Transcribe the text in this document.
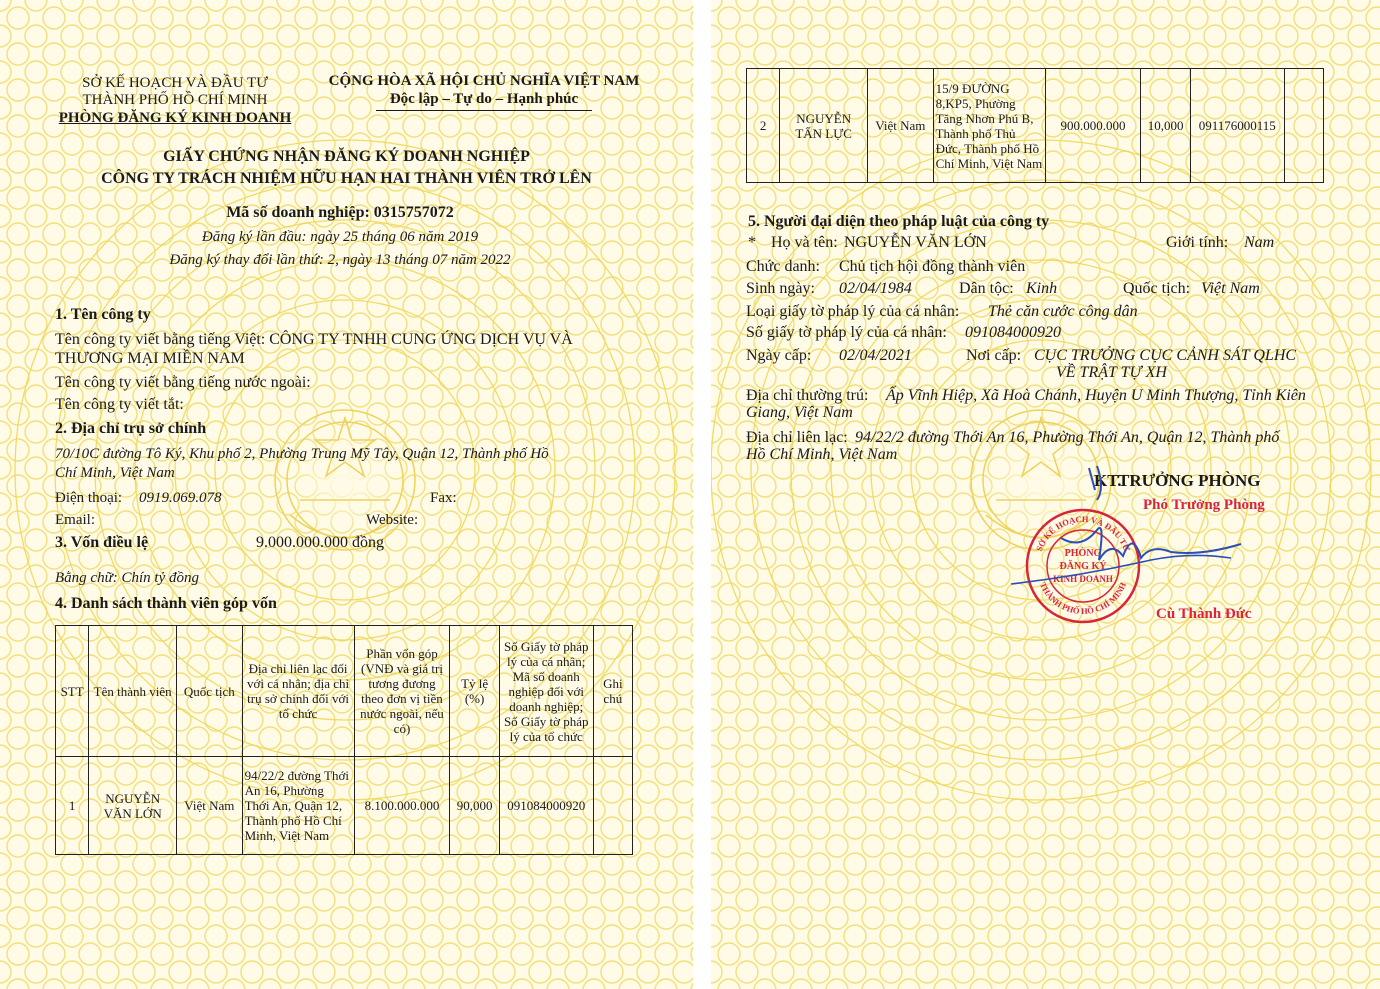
SỞ KẾ HOẠCH VÀ ĐẦU TƯ
THÀNH PHỐ HỒ CHÍ MINH
PHÒNG ĐĂNG KÝ KINH DOANH
CỘNG HÒA XÃ HỘI CHỦ NGHĨA VIỆT NAM
Độc lập – Tự do – Hạnh phúc
GIẤY CHỨNG NHẬN ĐĂNG KÝ DOANH NGHIỆP
CÔNG TY TRÁCH NHIỆM HỮU HẠN HAI THÀNH VIÊN TRỞ LÊN
Mã số doanh nghiệp: 0315757072
Đăng ký lần đầu: ngày 25 tháng 06 năm 2019
Đăng ký thay đổi lần thứ: 2, ngày 13 tháng 07 năm 2022
1. Tên công ty
Tên công ty viết bằng tiếng Việt: CÔNG TY TNHH CUNG ỨNG DỊCH VỤ VÀ
THƯƠNG MẠI MIỀN NAM
Tên công ty viết bằng tiếng nước ngoài:
Tên công ty viết tắt:
2. Địa chỉ trụ sở chính
70/10C đường Tô Ký, Khu phố 2, Phường Trung Mỹ Tây, Quận 12, Thành phố Hồ
Chí Minh, Việt Nam
Điện thoại: 0919.069.078	Fax:
Email:	Website:
3. Vốn điều lệ	9.000.000.000 đồng
Bằng chữ: Chín tỷ đồng
4. Danh sách thành viên góp vốn
STT	Tên thành viên	Quốc tịch	Địa chỉ liên lạc đối với cá nhân; địa chỉ trụ sở chính đối với tổ chức	Phần vốn góp (VNĐ và giá trị tương đương theo đơn vị tiền nước ngoài, nếu có)	Tỷ lệ (%)	Số Giấy tờ pháp lý của cá nhân; Mã số doanh nghiệp đối với doanh nghiệp; Số Giấy tờ pháp lý của tổ chức	Ghi chú
1	NGUYỄN VĂN LỚN	Việt Nam	94/22/2 đường Thới An 16, Phường Thới An, Quận 12, Thành phố Hồ Chí Minh, Việt Nam	8.100.000.000	90,000	091084000920	
2	NGUYỄN TẤN LỰC	Việt Nam	15/9 ĐƯỜNG 8,KP5, Phường Tăng Nhơn Phú B, Thành phố Thủ Đức, Thành phố Hồ Chí Minh, Việt Nam	900.000.000	10,000	091176000115	
5. Người đại diện theo pháp luật của công ty
* Họ và tên: NGUYỄN VĂN LỚN	Giới tính: Nam
Chức danh: Chủ tịch hội đồng thành viên
Sinh ngày: 02/04/1984	Dân tộc: Kinh	Quốc tịch: Việt Nam
Loại giấy tờ pháp lý của cá nhân: Thẻ căn cước công dân
Số giấy tờ pháp lý của cá nhân: 091084000920
Ngày cấp: 02/04/2021	Nơi cấp: CỤC TRƯỞNG CỤC CẢNH SÁT QLHC
VỀ TRẬT TỰ XH
Địa chỉ thường trú: Ấp Vĩnh Hiệp, Xã Hoà Chánh, Huyện U Minh Thượng, Tỉnh Kiên
Giang, Việt Nam
Địa chỉ liên lạc: 94/22/2 đường Thới An 16, Phường Thới An, Quận 12, Thành phố
Hồ Chí Minh, Việt Nam
KT.
TRƯỞNG PHÒNG
Phó Trưởng Phòng
SỞ KẾ HOẠCH VÀ ĐẦU TƯ
THÀNH PHỐ HỒ CHÍ MINH
PHÒNG
ĐĂNG KÝ
KINH DOANH
Cù Thành Đức
